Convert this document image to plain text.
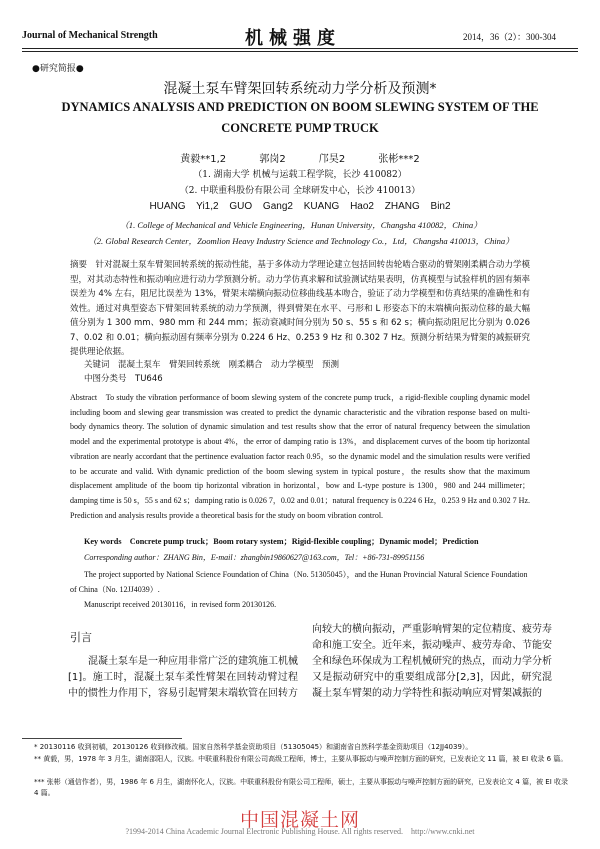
Journal of Mechanical Strength	机械强度	2014，36（2）：300-304
●研究简报●
混凝土泵车臂架回转系统动力学分析及预测*
DYNAMICS ANALYSIS AND PREDICTION ON BOOM SLEWING SYSTEM OF THE CONCRETE PUMP TRUCK
黄毅**1,2 郭岗2 邝昊2 张彬***2
（1. 湖南大学 机械与运载工程学院，长沙 410082）
（2. 中联重科股份有限公司 全球研发中心，长沙 410013）
HUANG Yi1,2 GUO Gang2 KUANG Hao2 ZHANG Bin2
（1. College of Mechanical and Vehicle Engineering，Hunan University，Changsha 410082，China）
（2. Global Research Center，Zoomlion Heavy Industry Science and Technology Co.，Ltd，Changsha 410013，China）
摘要　针对混凝土泵车臂架回转系统的振动性能，基于多体动力学理论建立包括回转齿轮啮合驱动的臂架刚柔耦合动力学模型，对其动态特性和振动响应进行动力学预测分析。动力学仿真求解和试验测试结果表明，仿真模型与试验样机的固有频率误差为 4% 左右，阻尼比误差为 13%，臂架末端横向振动位移曲线基本吻合，验证了动力学模型和仿真结果的准确性和有效性。通过对典型姿态下臂架回转系统的动力学预测，得到臂架在水平、弓形和 L 形姿态下的末端横向振动位移的最大幅值分别为 1 300 mm、980 mm 和 244 mm；振动衰减时间分别为 50 s、55 s 和 62 s；横向振动阻尼比分别为 0.026 7、0.02 和 0.01；横向振动固有频率分别为 0.224 6 Hz、0.253 9 Hz 和 0.302 7 Hz。预测分析结果为臂架的减振研究提供理论依据。
关键词　混凝土泵车　臂架回转系统　刚柔耦合　动力学模型　预测
中图分类号　TU646
Abstract　To study the vibration performance of boom slewing system of the concrete pump truck，a rigid-flexible coupling dynamic model including boom and slewing gear transmission was created to predict the dynamic characteristic and the vibration response based on multi-body dynamics theory. The solution of dynamic simulation and test results show that the error of natural frequency between the simulation model and the experimental prototype is about 4%，the error of damping ratio is 13%，and displacement curves of the boom tip horizontal vibration are nearly accordant that the pertinence evaluation factor reach 0.95，so the dynamic model and the simulation results were verified to be accurate and valid. With dynamic prediction of the boom slewing system in typical posture，the results show that the maximum displacement amplitude of the boom tip horizontal vibration in horizontal，bow and L-type posture is 1300，980 and 244 millimeter；damping time is 50 s，55 s and 62 s；damping ratio is 0.026 7，0.02 and 0.01；natural frequency is 0.224 6 Hz，0.253 9 Hz and 0.302 7 Hz. Prediction and analysis results provide a theoretical basis for the study on boom vibration control.
Key words　Concrete pump truck；Boom rotary system；Rigid-flexible coupling；Dynamic model；Prediction
Corresponding author：ZHANG Bin，E-mail：zhangbin19860627@163.com，Tel：+86-731-89951156
The project supported by National Science Foundation of China（No. 51305045），and the Hunan Provincial Natural Science Foundation of China（No. 12JJ4039）.
Manuscript received 20130116，in revised form 20130126.
引言
混凝土泵车是一种应用非常广泛的建筑施工机械[1]。施工时，混凝土泵车柔性臂架在回转动臂过程中的惯性力作用下，容易引起臂架末端软管在回转方
向较大的横向振动，严重影响臂架的定位精度、疲劳寿命和施工安全。近年来，振动噪声、疲劳寿命、节能安全和绿色环保成为工程机械研究的热点，而动力学分析又是振动研究中的重要组成部分[2,3]，因此，研究混凝土泵车臂架的动力学特性和振动响应对臂架减振的
* 20130116 收到初稿，20130126 收到修改稿。国家自然科学基金资助项目（51305045）和湖南省自然科学基金资助项目（12JJ4039）。
** 黄毅，男，1978 年 3 月生，湖南邵阳人，汉族。中联重科股份有限公司高级工程师，博士，主要从事振动与噪声控制方面的研究，已发表论文 11 篇，被 EI 收录 6 篇。
*** 张彬（通信作者），男，1986 年 6 月生，湖南怀化人，汉族。中联重科股份有限公司工程师，硕士，主要从事振动与噪声控制方面的研究，已发表论文 4 篇，被 EI 收录 4 篇。
中国混凝土网
?1994-2014 China Academic Journal Electronic Publishing House. All rights reserved.　http://www.cnki.net
